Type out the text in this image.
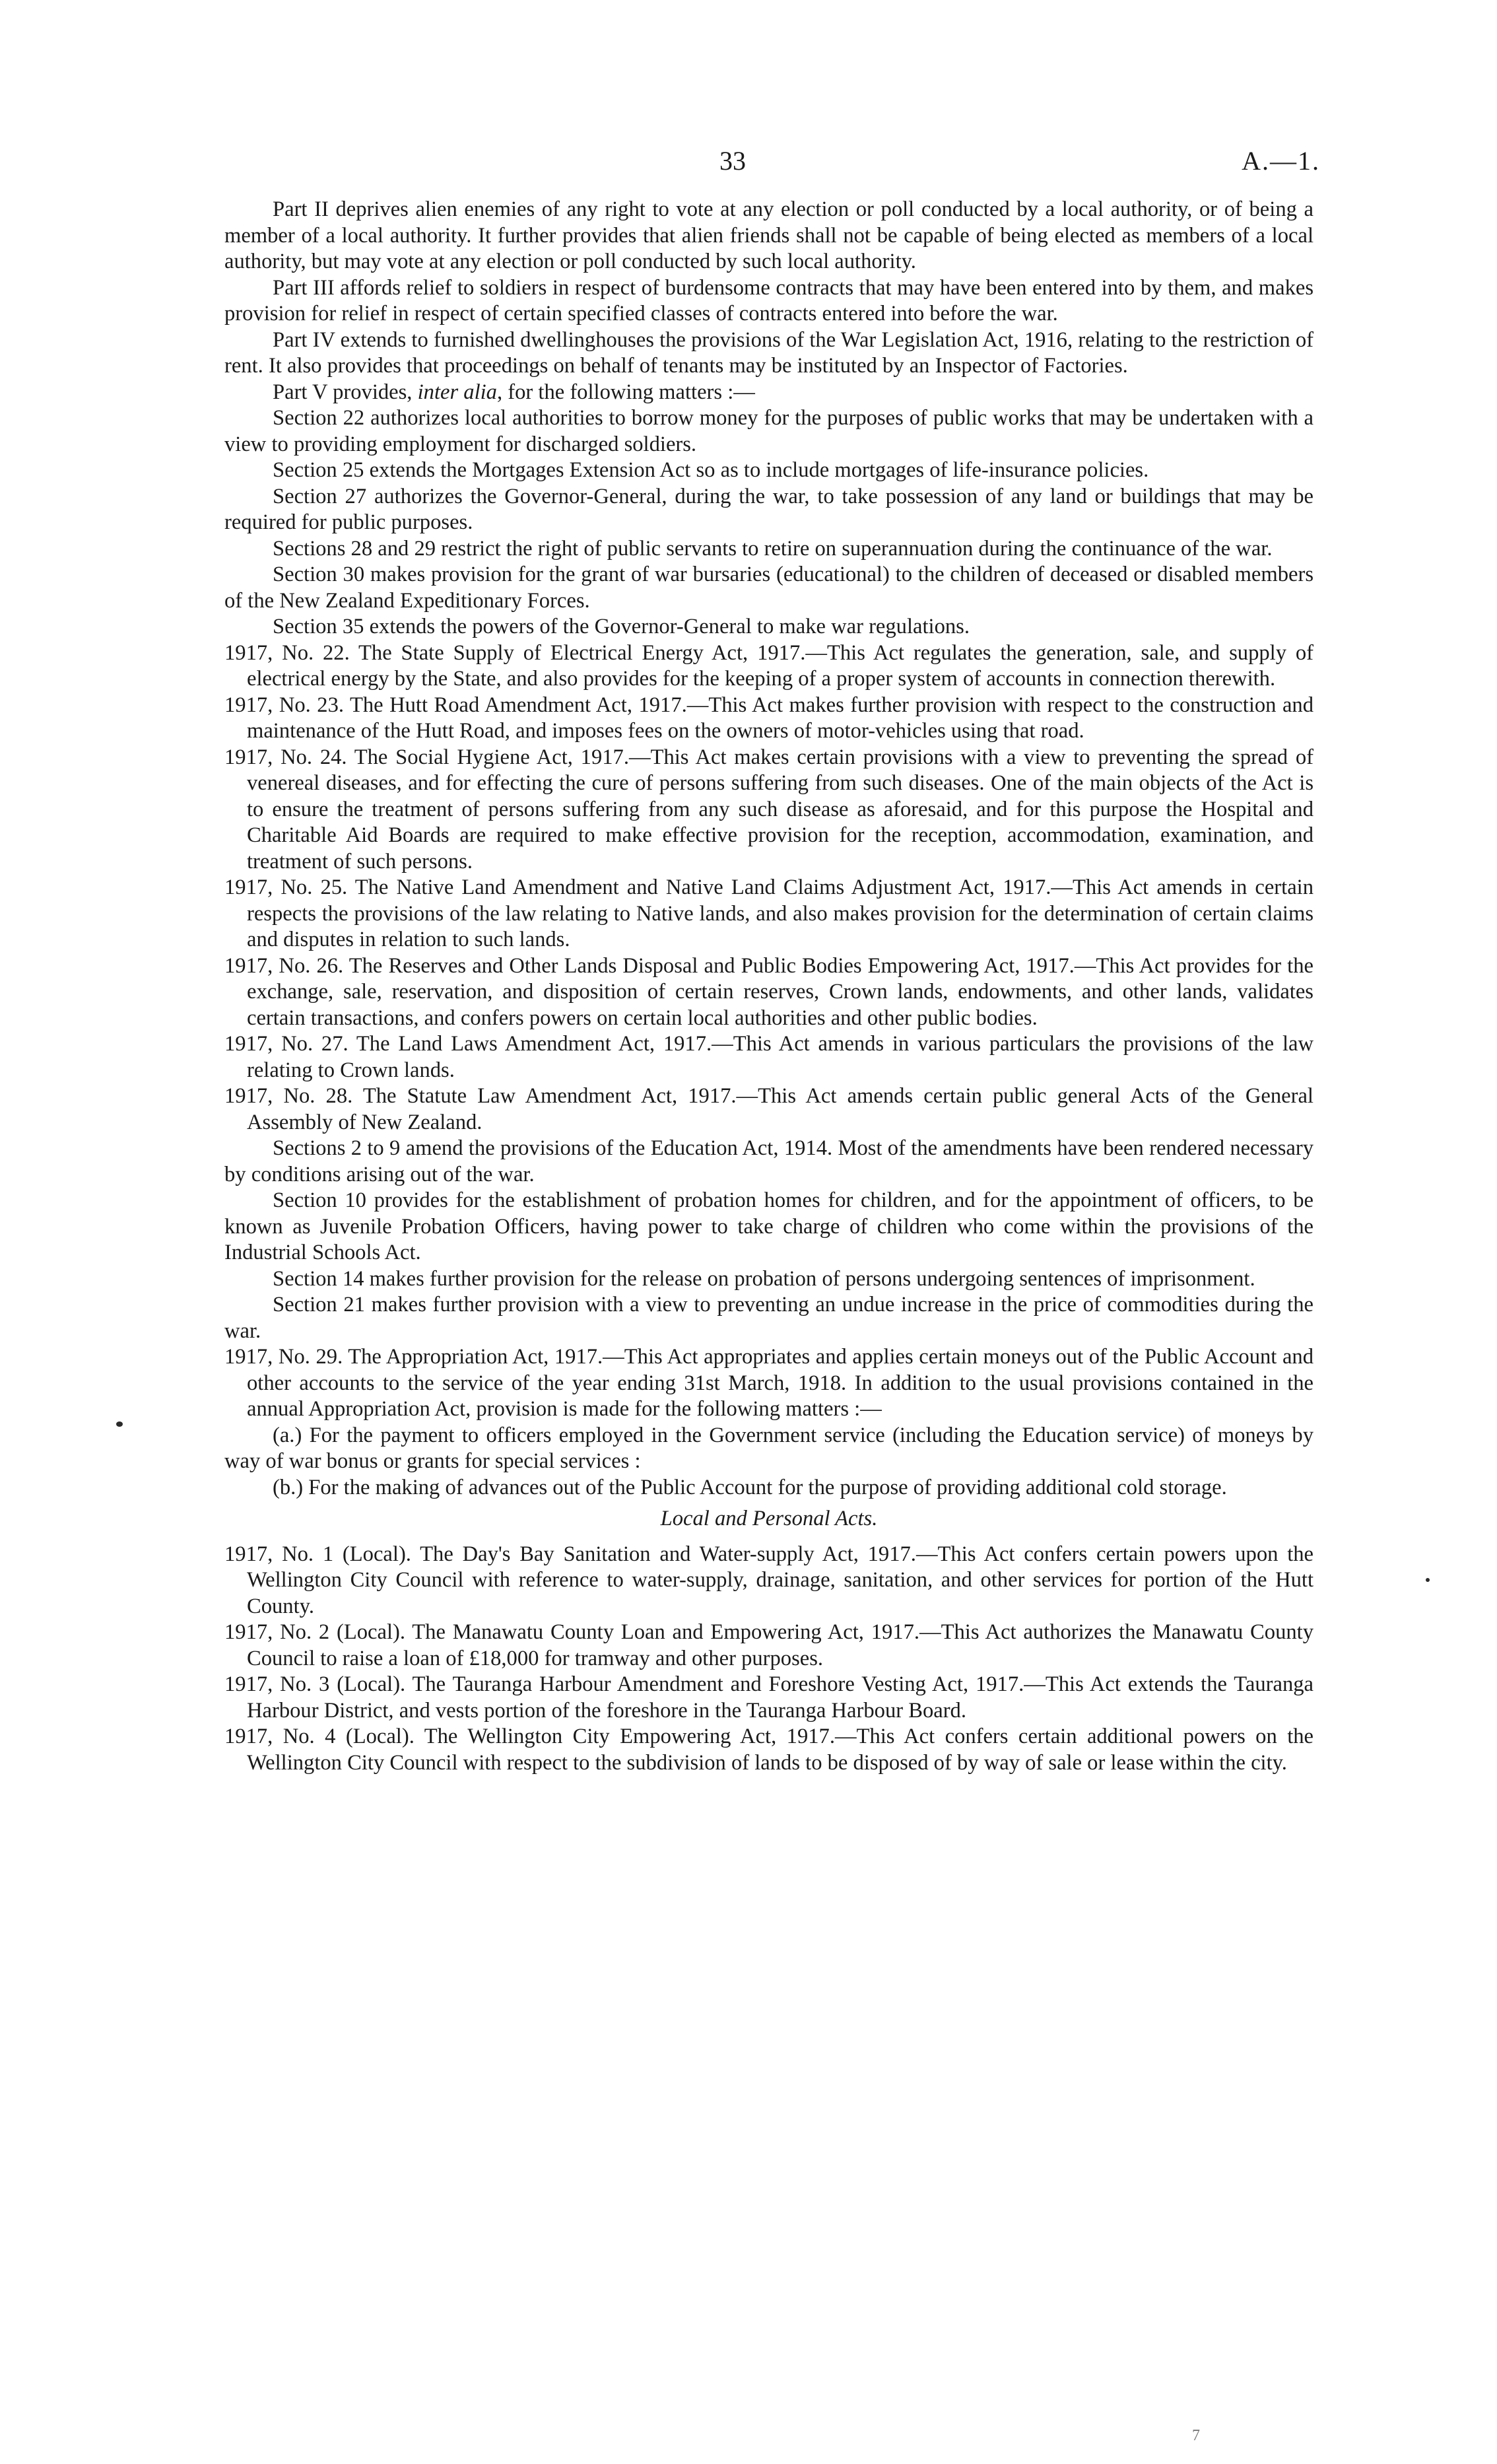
33	A.—1.

Part II deprives alien enemies of any right to vote at any election or poll conducted by a local authority, or of being a member of a local authority. It further provides that alien friends shall not be capable of being elected as members of a local authority, but may vote at any election or poll conducted by such local authority.

Part III affords relief to soldiers in respect of burdensome contracts that may have been entered into by them, and makes provision for relief in respect of certain specified classes of contracts entered into before the war.

Part IV extends to furnished dwellinghouses the provisions of the War Legislation Act, 1916, relating to the restriction of rent. It also provides that proceedings on behalf of tenants may be instituted by an Inspector of Factories.

Part V provides, inter alia, for the following matters :—

Section 22 authorizes local authorities to borrow money for the purposes of public works that may be undertaken with a view to providing employment for discharged soldiers.

Section 25 extends the Mortgages Extension Act so as to include mortgages of life-insurance policies.

Section 27 authorizes the Governor-General, during the war, to take possession of any land or buildings that may be required for public purposes.

Sections 28 and 29 restrict the right of public servants to retire on superannuation during the continuance of the war.

Section 30 makes provision for the grant of war bursaries (educational) to the children of deceased or disabled members of the New Zealand Expeditionary Forces.

Section 35 extends the powers of the Governor-General to make war regulations.

1917, No. 22. The State Supply of Electrical Energy Act, 1917.—This Act regulates the generation, sale, and supply of electrical energy by the State, and also provides for the keeping of a proper system of accounts in connection therewith.

1917, No. 23. The Hutt Road Amendment Act, 1917.—This Act makes further provision with respect to the construction and maintenance of the Hutt Road, and imposes fees on the owners of motor-vehicles using that road.

1917, No. 24. The Social Hygiene Act, 1917.—This Act makes certain provisions with a view to preventing the spread of venereal diseases, and for effecting the cure of persons suffering from such diseases. One of the main objects of the Act is to ensure the treatment of persons suffering from any such disease as aforesaid, and for this purpose the Hospital and Charitable Aid Boards are required to make effective provision for the reception, accommodation, examination, and treatment of such persons.

1917, No. 25. The Native Land Amendment and Native Land Claims Adjustment Act, 1917.—This Act amends in certain respects the provisions of the law relating to Native lands, and also makes provision for the determination of certain claims and disputes in relation to such lands.

1917, No. 26. The Reserves and Other Lands Disposal and Public Bodies Empowering Act, 1917.—This Act provides for the exchange, sale, reservation, and disposition of certain reserves, Crown lands, endowments, and other lands, validates certain transactions, and confers powers on certain local authorities and other public bodies.

1917, No. 27. The Land Laws Amendment Act, 1917.—This Act amends in various particulars the provisions of the law relating to Crown lands.

1917, No. 28. The Statute Law Amendment Act, 1917.—This Act amends certain public general Acts of the General Assembly of New Zealand.

Sections 2 to 9 amend the provisions of the Education Act, 1914. Most of the amendments have been rendered necessary by conditions arising out of the war.

Section 10 provides for the establishment of probation homes for children, and for the appointment of officers, to be known as Juvenile Probation Officers, having power to take charge of children who come within the provisions of the Industrial Schools Act.

Section 14 makes further provision for the release on probation of persons undergoing sentences of imprisonment.

Section 21 makes further provision with a view to preventing an undue increase in the price of commodities during the war.

1917, No. 29. The Appropriation Act, 1917.—This Act appropriates and applies certain moneys out of the Public Account and other accounts to the service of the year ending 31st March, 1918. In addition to the usual provisions contained in the annual Appropriation Act, provision is made for the following matters :—

(a.) For the payment to officers employed in the Government service (including the Education service) of moneys by way of war bonus or grants for special services :

(b.) For the making of advances out of the Public Account for the purpose of providing additional cold storage.

Local and Personal Acts.

1917, No. 1 (Local). The Day's Bay Sanitation and Water-supply Act, 1917.—This Act confers certain powers upon the Wellington City Council with reference to water-supply, drainage, sanitation, and other services for portion of the Hutt County.

1917, No. 2 (Local). The Manawatu County Loan and Empowering Act, 1917.—This Act authorizes the Manawatu County Council to raise a loan of £18,000 for tramway and other purposes.

1917, No. 3 (Local). The Tauranga Harbour Amendment and Foreshore Vesting Act, 1917.—This Act extends the Tauranga Harbour District, and vests portion of the foreshore in the Tauranga Harbour Board.

1917, No. 4 (Local). The Wellington City Empowering Act, 1917.—This Act confers certain additional powers on the Wellington City Council with respect to the subdivision of lands to be disposed of by way of sale or lease within the city.

7
